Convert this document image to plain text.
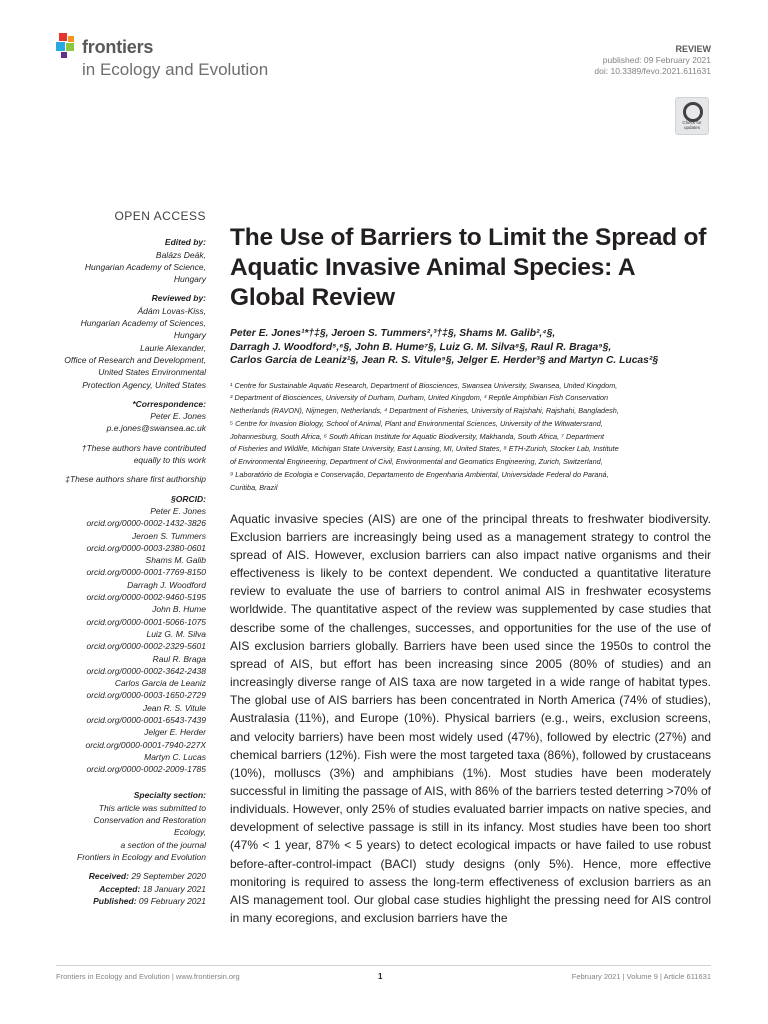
frontiers
in Ecology and Evolution
REVIEW
published: 09 February 2021
doi: 10.3389/fevo.2021.611631
Check for
updates
OPEN ACCESS
Edited by:
Balázs Deák,
Hungarian Academy of Science,
Hungary
Reviewed by:
Ádám Lovas-Kiss,
Hungarian Academy of Sciences,
Hungary
Laurie Alexander,
Office of Research and Development,
United States Environmental
Protection Agency, United States
*Correspondence:
Peter E. Jones
p.e.jones@swansea.ac.uk
†These authors have contributed
equally to this work
‡These authors share first authorship
§ORCID:
Peter E. Jones
orcid.org/0000-0002-1432-3826
Jeroen S. Tummers
orcid.org/0000-0003-2380-0601
Shams M. Galib
orcid.org/0000-0001-7769-8150
Darragh J. Woodford
orcid.org/0000-0002-9460-5195
John B. Hume
orcid.org/0000-0001-5066-1075
Luiz G. M. Silva
orcid.org/0000-0002-2329-5601
Raul R. Braga
orcid.org/0000-0002-3642-2438
Carlos Garcia de Leaniz
orcid.org/0000-0003-1650-2729
Jean R. S. Vitule
orcid.org/0000-0001-6543-7439
Jelger E. Herder
orcid.org/0000-0001-7940-227X
Martyn C. Lucas
orcid.org/0000-0002-2009-1785
Specialty section:
This article was submitted to
Conservation and Restoration
Ecology,
a section of the journal
Frontiers in Ecology and Evolution
Received: 29 September 2020
Accepted: 18 January 2021
Published: 09 February 2021
The Use of Barriers to Limit the Spread of Aquatic Invasive Animal Species: A Global Review
Peter E. Jones¹*†‡§, Jeroen S. Tummers²,³†‡§, Shams M. Galib²,⁴§,
Darragh J. Woodford⁵,⁶§, John B. Hume⁷§, Luiz G. M. Silva⁸§, Raul R. Braga⁹§,
Carlos Garcia de Leaniz¹§, Jean R. S. Vitule⁹§, Jelger E. Herder³§ and Martyn C. Lucas²§
¹ Centre for Sustainable Aquatic Research, Department of Biosciences, Swansea University, Swansea, United Kingdom,
² Department of Biosciences, University of Durham, Durham, United Kingdom, ³ Reptile Amphibian Fish Conservation
Netherlands (RAVON), Nijmegen, Netherlands, ⁴ Department of Fisheries, University of Rajshahi, Rajshahi, Bangladesh,
⁵ Centre for Invasion Biology, School of Animal, Plant and Environmental Sciences, University of the Witwatersrand,
Johannesburg, South Africa, ⁶ South African Institute for Aquatic Biodiversity, Makhanda, South Africa, ⁷ Department
of Fisheries and Wildlife, Michigan State University, East Lansing, MI, United States, ⁸ ETH-Zurich, Stocker Lab, Institute
of Environmental Engineering, Department of Civil, Environmental and Geomatics Engineering, Zurich, Switzerland,
⁹ Laboratório de Ecologia e Conservação, Departamento de Engenharia Ambiental, Universidade Federal do Paraná,
Curitiba, Brazil

Aquatic invasive species (AIS) are one of the principal threats to freshwater biodiversity. Exclusion barriers are increasingly being used as a management strategy to control the spread of AIS. However, exclusion barriers can also impact native organisms and their effectiveness is likely to be context dependent. We conducted a quantitative literature review to evaluate the use of barriers to control animal AIS in freshwater ecosystems worldwide. The quantitative aspect of the review was supplemented by case studies that describe some of the challenges, successes, and opportunities for the use of the use of AIS exclusion barriers globally. Barriers have been used since the 1950s to control the spread of AIS, but effort has been increasing since 2005 (80% of studies) and an increasingly diverse range of AIS taxa are now targeted in a wide range of habitat types. The global use of AIS barriers has been concentrated in North America (74% of studies), Australasia (11%), and Europe (10%). Physical barriers (e.g., weirs, exclusion screens, and velocity barriers) have been most widely used (47%), followed by electric (27%) and chemical barriers (12%). Fish were the most targeted taxa (86%), followed by crustaceans (10%), molluscs (3%) and amphibians (1%). Most studies have been moderately successful in limiting the passage of AIS, with 86% of the barriers tested deterring >70% of individuals. However, only 25% of studies evaluated barrier impacts on native species, and development of selective passage is still in its infancy. Most studies have been too short (47% < 1 year, 87% < 5 years) to detect ecological impacts or have failed to use robust before-after-control-impact (BACI) study designs (only 5%). Hence, more effective monitoring is required to assess the long-term effectiveness of exclusion barriers as an AIS management tool. Our global case studies highlight the pressing need for AIS control in many ecoregions, and exclusion barriers have the

Frontiers in Ecology and Evolution | www.frontiersin.org	1	February 2021 | Volume 9 | Article 611631
